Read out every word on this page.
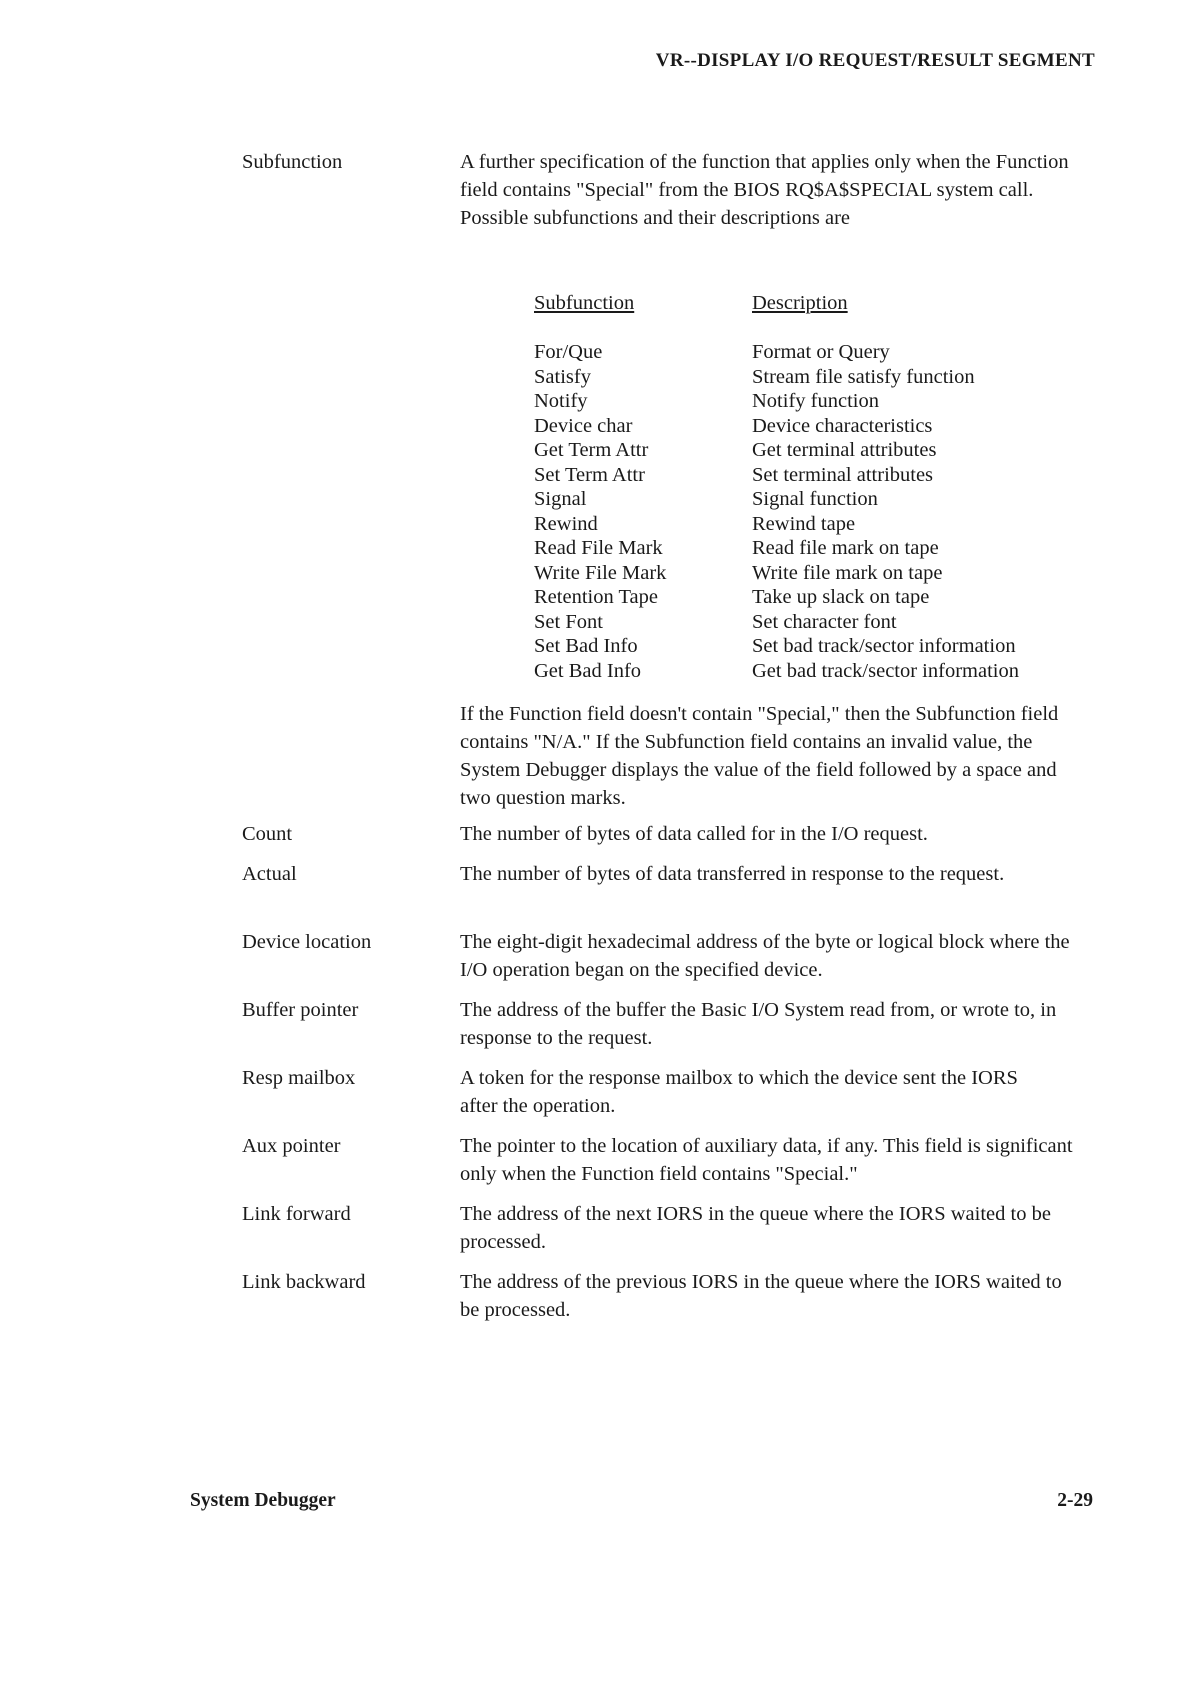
VR--DISPLAY I/O REQUEST/RESULT SEGMENT
Subfunction	A further specification of the function that applies only when the Function field contains "Special" from the BIOS RQ$A$SPECIAL system call. Possible subfunctions and their descriptions are
Subfunction	Description
For/Que	Format or Query
Satisfy	Stream file satisfy function
Notify	Notify function
Device char	Device characteristics
Get Term Attr	Get terminal attributes
Set Term Attr	Set terminal attributes
Signal	Signal function
Rewind	Rewind tape
Read File Mark	Read file mark on tape
Write File Mark	Write file mark on tape
Retention Tape	Take up slack on tape
Set Font	Set character font
Set Bad Info	Set bad track/sector information
Get Bad Info	Get bad track/sector information
If the Function field doesn't contain "Special," then the Subfunction field contains "N/A." If the Subfunction field contains an invalid value, the System Debugger displays the value of the field followed by a space and two question marks.
Count	The number of bytes of data called for in the I/O request.
Actual	The number of bytes of data transferred in response to the request.
Device location	The eight-digit hexadecimal address of the byte or logical block where the I/O operation began on the specified device.
Buffer pointer	The address of the buffer the Basic I/O System read from, or wrote to, in response to the request.
Resp mailbox	A token for the response mailbox to which the device sent the IORS after the operation.
Aux pointer	The pointer to the location of auxiliary data, if any. This field is significant only when the Function field contains "Special."
Link forward	The address of the next IORS in the queue where the IORS waited to be processed.
Link backward	The address of the previous IORS in the queue where the IORS waited to be processed.
System Debugger	2-29
